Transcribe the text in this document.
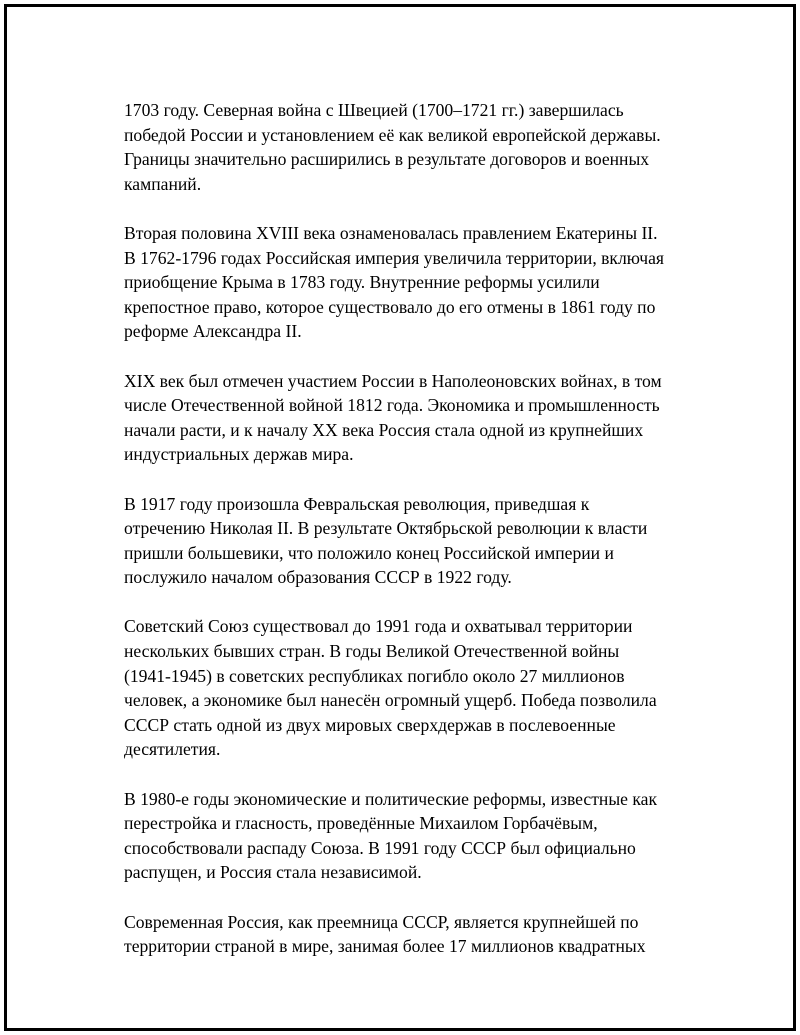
1703 году. Северная война с Швецией (1700–1721 гг.) завершилась
победой России и установлением её как великой европейской державы.
Границы значительно расширились в результате договоров и военных
кампаний.

Вторая половина XVIII века ознаменовалась правлением Екатерины II.
В 1762-1796 годах Российская империя увеличила территории, включая
приобщение Крыма в 1783 году. Внутренние реформы усилили
крепостное право, которое существовало до его отмены в 1861 году по
реформе Александра II.

XIX век был отмечен участием России в Наполеоновских войнах, в том
числе Отечественной войной 1812 года. Экономика и промышленность
начали расти, и к началу XX века Россия стала одной из крупнейших
индустриальных держав мира.

В 1917 году произошла Февральская революция, приведшая к
отречению Николая II. В результате Октябрьской революции к власти
пришли большевики, что положило конец Российской империи и
послужило началом образования СССР в 1922 году.

Советский Союз существовал до 1991 года и охватывал территории
нескольких бывших стран. В годы Великой Отечественной войны
(1941-1945) в советских республиках погибло около 27 миллионов
человек, а экономике был нанесён огромный ущерб. Победа позволила
СССР стать одной из двух мировых сверхдержав в послевоенные
десятилетия.

В 1980-е годы экономические и политические реформы, известные как
перестройка и гласность, проведённые Михаилом Горбачёвым,
способствовали распаду Союза. В 1991 году СССР был официально
распущен, и Россия стала независимой.

Современная Россия, как преемница СССР, является крупнейшей по
территории страной в мире, занимая более 17 миллионов квадратных
